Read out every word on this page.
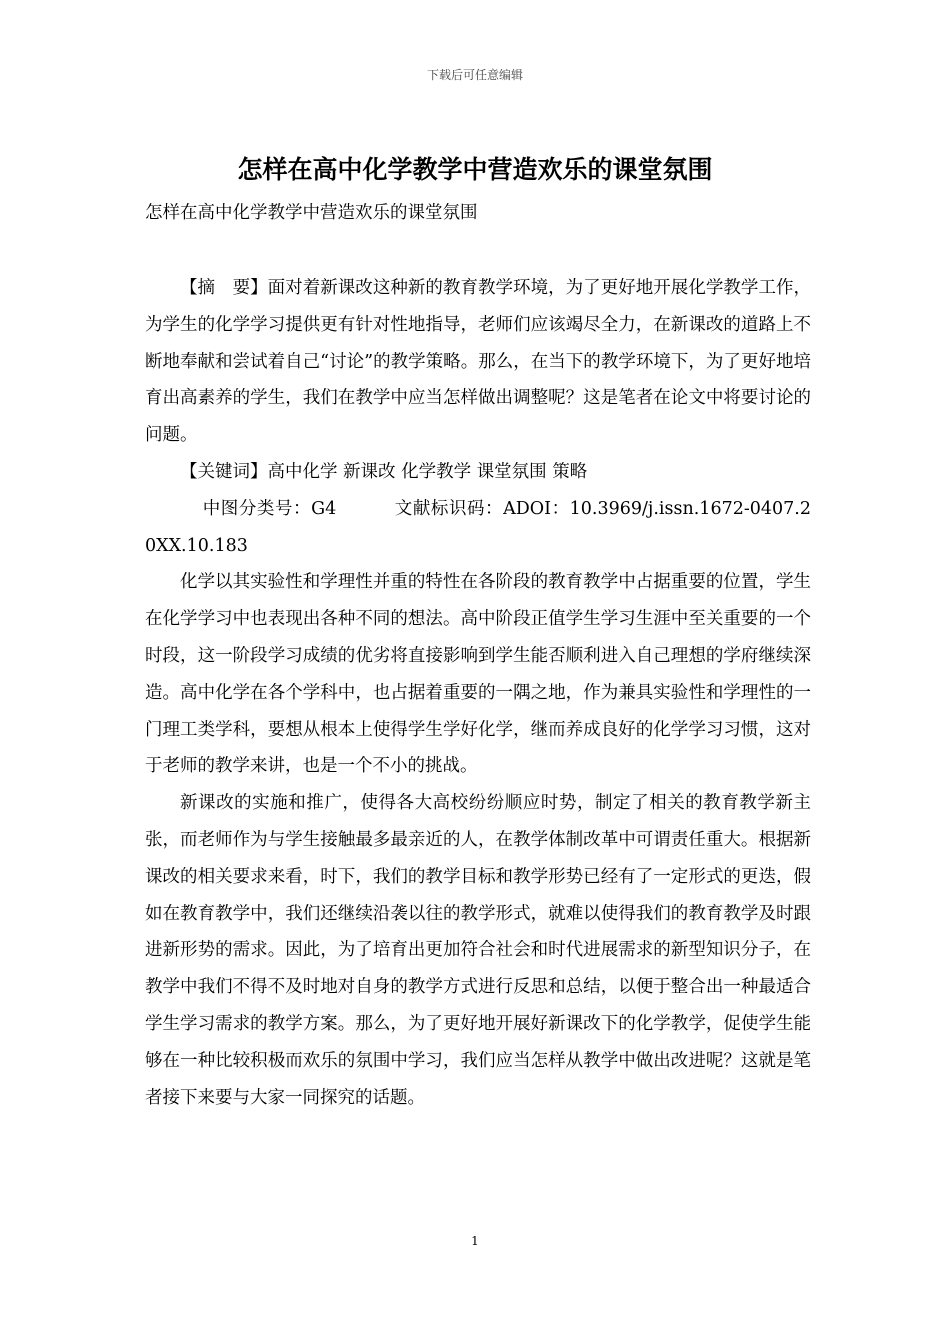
下载后可任意编辑
怎样在高中化学教学中营造欢乐的课堂氛围
怎样在高中化学教学中营造欢乐的课堂氛围

【摘　要】面对着新课改这种新的教育教学环境，为了更好地开展化学教学工作，为学生的化学学习提供更有针对性地指导，老师们应该竭尽全力，在新课改的道路上不断地奉献和尝试着自己“讨论”的教学策略。那么，在当下的教学环境下，为了更好地培育出高素养的学生，我们在教学中应当怎样做出调整呢？这是笔者在论文中将要讨论的问题。

【关键词】高中化学 新课改 化学教学 课堂氛围 策略

中图分类号：G4	文献标识码：ADOI：10.3969/j.issn.1672-0407.20XX.10.183

化学以其实验性和学理性并重的特性在各阶段的教育教学中占据重要的位置，学生在化学学习中也表现出各种不同的想法。高中阶段正值学生学习生涯中至关重要的一个时段，这一阶段学习成绩的优劣将直接影响到学生能否顺利进入自己理想的学府继续深造。高中化学在各个学科中，也占据着重要的一隅之地，作为兼具实验性和学理性的一门理工类学科，要想从根本上使得学生学好化学，继而养成良好的化学学习习惯，这对于老师的教学来讲，也是一个不小的挑战。

新课改的实施和推广，使得各大高校纷纷顺应时势，制定了相关的教育教学新主张，而老师作为与学生接触最多最亲近的人，在教学体制改革中可谓责任重大。根据新课改的相关要求来看，时下，我们的教学目标和教学形势已经有了一定形式的更迭，假如在教育教学中，我们还继续沿袭以往的教学形式，就难以使得我们的教育教学及时跟进新形势的需求。因此，为了培育出更加符合社会和时代进展需求的新型知识分子，在教学中我们不得不及时地对自身的教学方式进行反思和总结，以便于整合出一种最适合学生学习需求的教学方案。那么，为了更好地开展好新课改下的化学教学，促使学生能够在一种比较积极而欢乐的氛围中学习，我们应当怎样从教学中做出改进呢？这就是笔者接下来要与大家一同探究的话题。

1
